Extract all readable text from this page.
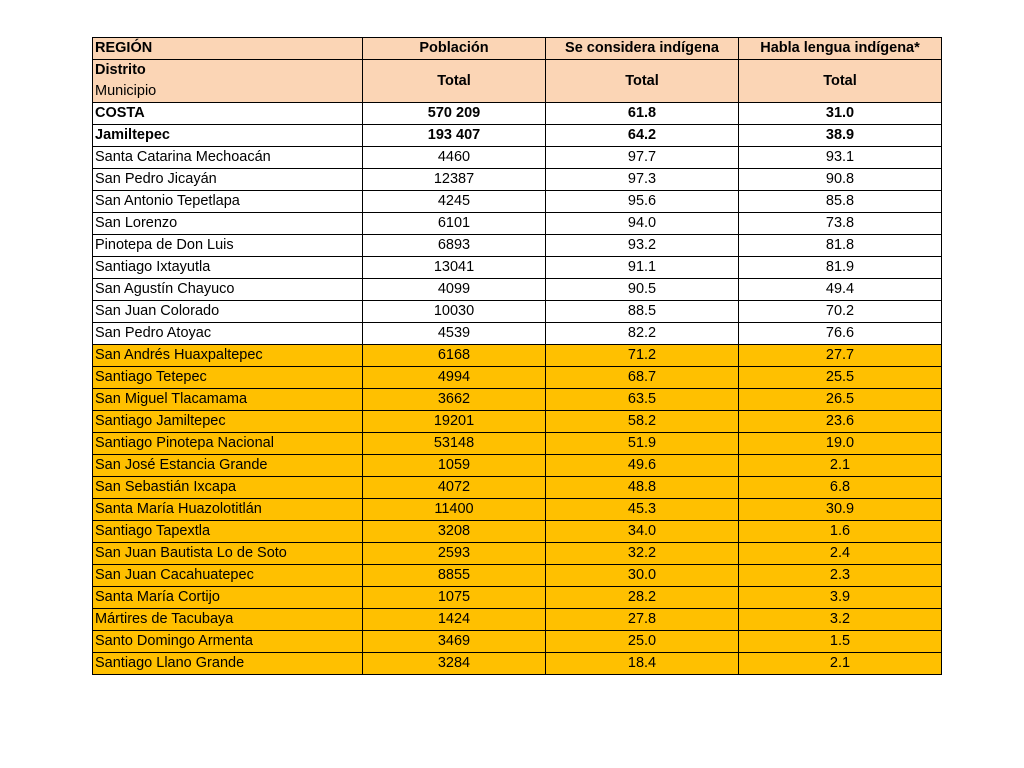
REGIÓN	Población	Se considera indígena	Habla lengua indígena*

Distrito
Municipio	Total	Total	Total

COSTA	570 209	61.8	31.0
Jamiltepec	193 407	64.2	38.9
Santa Catarina Mechoacán	4460	97.7	93.1
San Pedro Jicayán	12387	97.3	90.8
San Antonio Tepetlapa	4245	95.6	85.8
San Lorenzo	6101	94.0	73.8
Pinotepa de Don Luis	6893	93.2	81.8
Santiago Ixtayutla	13041	91.1	81.9
San Agustín Chayuco	4099	90.5	49.4
San Juan Colorado	10030	88.5	70.2
San Pedro Atoyac	4539	82.2	76.6
San Andrés Huaxpaltepec	6168	71.2	27.7
Santiago Tetepec	4994	68.7	25.5
San Miguel Tlacamama	3662	63.5	26.5
Santiago Jamiltepec	19201	58.2	23.6
Santiago Pinotepa Nacional	53148	51.9	19.0
San José Estancia Grande	1059	49.6	2.1
San Sebastián Ixcapa	4072	48.8	6.8
Santa María Huazolotitlán	11400	45.3	30.9
Santiago Tapextla	3208	34.0	1.6
San Juan Bautista Lo de Soto	2593	32.2	2.4
San Juan Cacahuatepec	8855	30.0	2.3
Santa María Cortijo	1075	28.2	3.9
Mártires de Tacubaya	1424	27.8	3.2
Santo Domingo Armenta	3469	25.0	1.5
Santiago Llano Grande	3284	18.4	2.1
